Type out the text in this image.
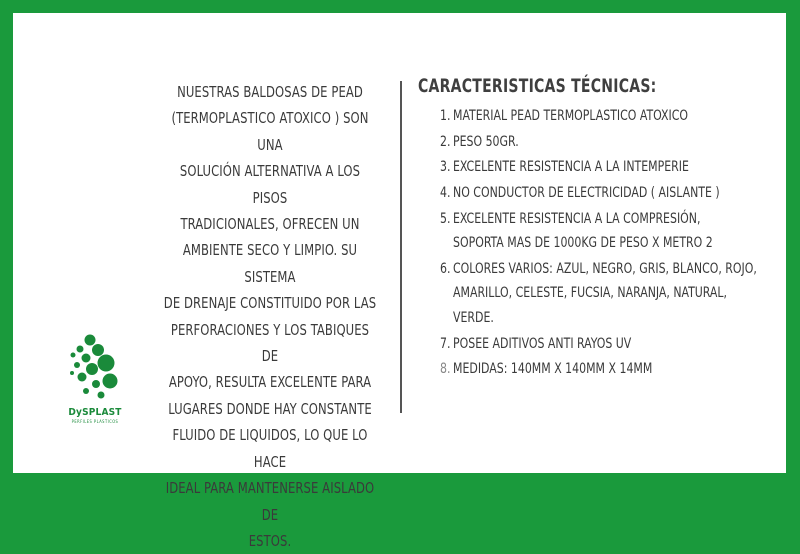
NUESTRAS BALDOSAS DE PEAD
(TERMOPLASTICO ATOXICO ) SON UNA
SOLUCIÓN ALTERNATIVA A LOS PISOS
TRADICIONALES, OFRECEN UN
AMBIENTE SECO Y LIMPIO. SU SISTEMA
DE DRENAJE CONSTITUIDO POR LAS
PERFORACIONES Y LOS TABIQUES DE
APOYO, RESULTA EXCELENTE PARA
LUGARES DONDE HAY CONSTANTE
FLUIDO DE LIQUIDOS, LO QUE LO HACE
IDEAL PARA MANTENERSE AISLADO DE
ESTOS.
CARACTERISTICAS TÉCNICAS:
1. MATERIAL PEAD TERMOPLASTICO ATOXICO
2. PESO 50GR.
3. EXCELENTE RESISTENCIA A LA INTEMPERIE
4. NO CONDUCTOR DE ELECTRICIDAD ( AISLANTE )
5. EXCELENTE RESISTENCIA A LA COMPRESIÓN,
SOPORTA MAS DE 1000KG DE PESO X METRO 2
6. COLORES VARIOS: AZUL, NEGRO, GRIS, BLANCO, ROJO,
AMARILLO, CELESTE, FUCSIA, NARANJA, NATURAL,
VERDE.
7. POSEE ADITIVOS ANTI RAYOS UV
8. MEDIDAS: 140MM X 140MM X 14MM
DySPLAST
PERFILES PLASTICOS
